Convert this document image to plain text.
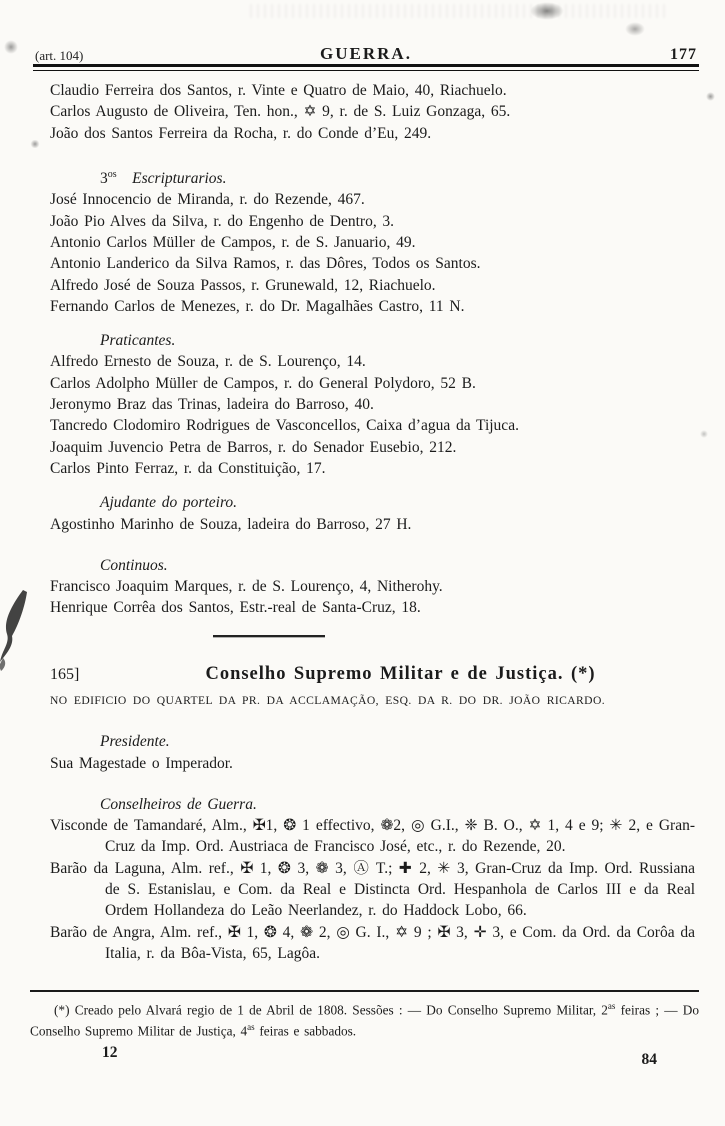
(art. 104)	GUERRA.	177

Claudio Ferreira dos Santos, r. Vinte e Quatro de Maio, 40, Riachuelo.

Carlos Augusto de Oliveira, Ten. hon., ✡ 9, r. de S. Luiz Gonzaga, 65.

João dos Santos Ferreira da Rocha, r. do Conde d’Eu, 249.

$3^{os}$  Escripturarios.

José Innocencio de Miranda, r. do Rezende, 467.

João Pio Alves da Silva, r. do Engenho de Dentro, 3.

Antonio Carlos Müller de Campos, r. de S. Januario, 49.

Antonio Landerico da Silva Ramos, r. das Dôres, Todos os Santos.

Alfredo José de Souza Passos, r. Grunewald, 12, Riachuelo.

Fernando Carlos de Menezes, r. do Dr. Magalhães Castro, 11 N.

Praticantes.

Alfredo Ernesto de Souza, r. de S. Lourenço, 14.

Carlos Adolpho Müller de Campos, r. do General Polydoro, 52 B.

Jeronymo Braz das Trinas, ladeira do Barroso, 40.

Tancredo Clodomiro Rodrigues de Vasconcellos, Caixa d’agua da Tijuca.

Joaquim Juvencio Petra de Barros, r. do Senador Eusebio, 212.

Carlos Pinto Ferraz, r. da Constituição, 17.

Ajudante do porteiro.

Agostinho Marinho de Souza, ladeira do Barroso, 27 H.

Continuos.

Francisco Joaquim Marques, r. de S. Lourenço, 4, Nitherohy.

Henrique Corrêa dos Santos, Estr.-real de Santa-Cruz, 18.

165]	Conselho Supremo Militar e de Justiça. (*)
NO EDIFICIO DO QUARTEL DA PR. DA ACCLAMAÇÃO, ESQ. DA R. DO DR. JOÃO RICARDO.
Presidente.

Sua Magestade o Imperador.

Conselheiros de Guerra.

Visconde de Tamandaré, Alm., ✠1, ❂ 1 effectivo, ❁2, ◎ G.I., ❈ B. O., ✡ 1, 4 e 9; ✳ 2, e Gran-Cruz da Imp. Ord. Austriaca de Francisco José, etc., r. do Rezende, 20.

Barão da Laguna, Alm. ref., ✠ 1, ❂ 3, ❁ 3, Ⓐ T.; ✚ 2, ✳ 3, Gran-Cruz da Imp. Ord. Russiana de S. Estanislau, e Com. da Real e Distincta Ord. Hespanhola de Carlos III e da Real Ordem Hollandeza do Leão Neerlandez, r. do Haddock Lobo, 66.

Barão de Angra, Alm. ref., ✠ 1, ❂ 4, ❁ 2, ◎ G. I., ✡ 9 ; ✠ 3, ✛ 3, e Com. da Ord. da Corôa da Italia, r. da Bôa-Vista, 65, Lagôa.

(*) Creado pelo Alvará regio de 1 de Abril de 1808. Sessões : — Do Conselho Supremo Militar, $2^{as}$ feiras ; — Do Conselho Supremo Militar de Justiça, $4^{as}$ feiras e sabbados.
12	84
